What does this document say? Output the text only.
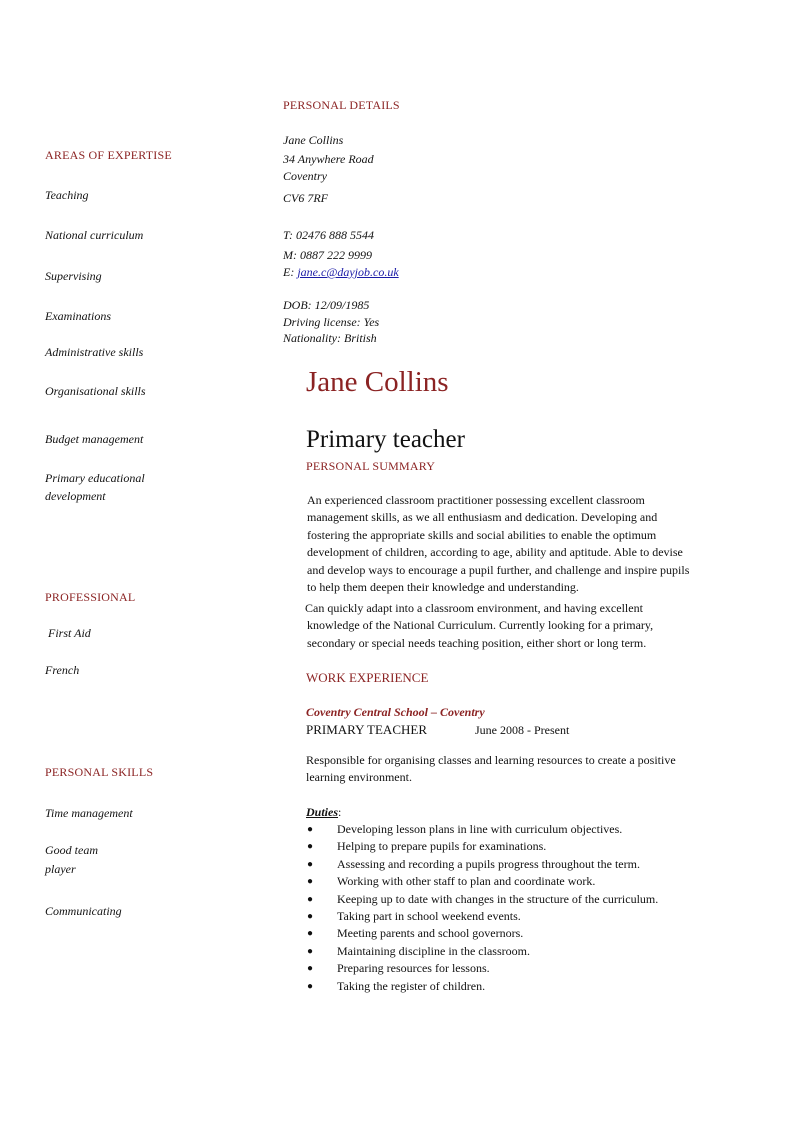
PERSONAL DETAILS
Jane Collins
34 Anywhere Road
Coventry
CV6 7RF
T: 02476 888 5544
M: 0887 222 9999
E: jane.c@dayjob.co.uk
DOB: 12/09/1985
Driving license: Yes
Nationality: British
AREAS OF EXPERTISE
Teaching
National curriculum
Supervising
Examinations
Administrative skills
Organisational skills
Budget management
Primary educational
development
PROFESSIONAL
First Aid
French
PERSONAL SKILLS
Time management
Good team
player
Communicating
Jane Collins
Primary teacher
PERSONAL SUMMARY
An experienced classroom practitioner possessing excellent classroom
management skills, as we all enthusiasm and dedication. Developing and
fostering the appropriate skills and social abilities to enable the optimum
development of children, according to age, ability and aptitude. Able to devise
and develop ways to encourage a pupil further, and challenge and inspire pupils
to help them deepen their knowledge and understanding.
Can quickly adapt into a classroom environment, and having excellent
knowledge of the National Curriculum. Currently looking for a primary,
secondary or special needs teaching position, either short or long term.
WORK EXPERIENCE
Coventry Central School – Coventry
PRIMARY TEACHER	June 2008 - Present
Responsible for organising classes and learning resources to create a positive
learning environment.
Duties:
● Developing lesson plans in line with curriculum objectives.
● Helping to prepare pupils for examinations.
● Assessing and recording a pupils progress throughout the term.
● Working with other staff to plan and coordinate work.
● Keeping up to date with changes in the structure of the curriculum.
● Taking part in school weekend events.
● Meeting parents and school governors.
● Maintaining discipline in the classroom.
● Preparing resources for lessons.
● Taking the register of children.
